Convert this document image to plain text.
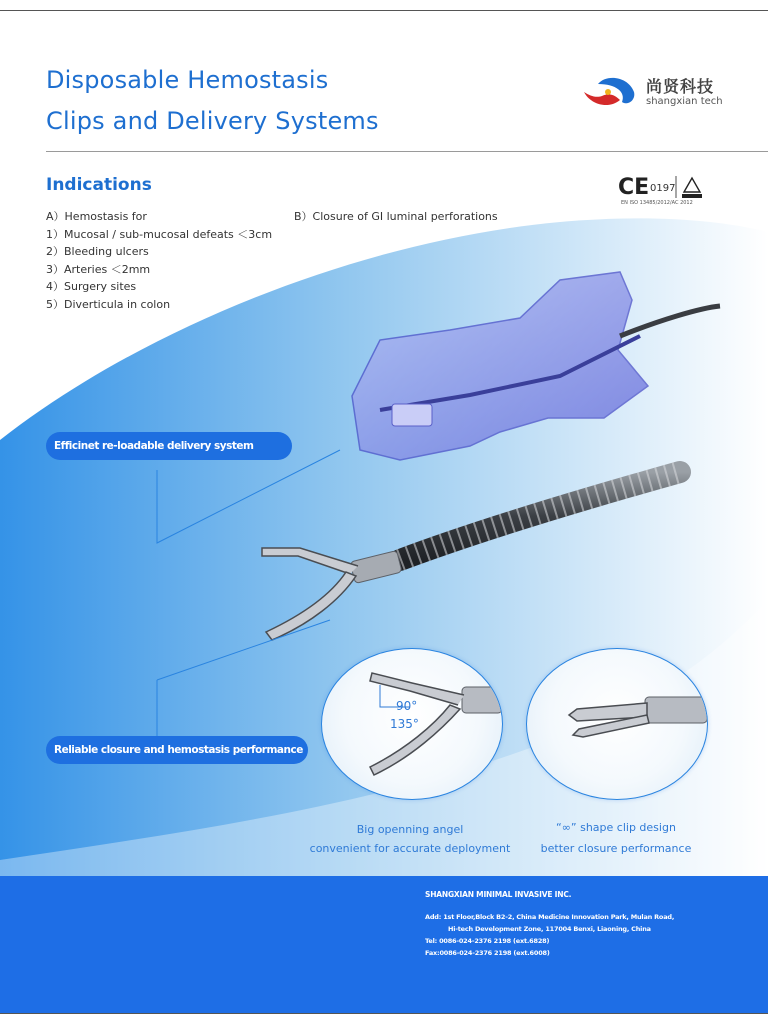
Disposable Hemostasis
Clips and Delivery Systems
尚贤科技
shangxian tech
CE 0197
EN ISO 13485/2012/AC 2012
Indications
A）Hemostasis for	B）Closure of GI luminal perforations
1）Mucosal / sub-mucosal defeats ＜3cm
2）Bleeding ulcers
3）Arteries ＜2mm
4）Surgery sites
5）Diverticula in colon
Efficinet re-loadable delivery system
Reliable closure and hemostasis performance
90°
135°
Big openning angel
convenient for accurate deployment
“∞” shape clip design
better closure performance
SHANGXIAN MINIMAL INVASIVE INC.
Add: 1st Floor,Block B2-2, China Medicine Innovation Park, Mulan Road,
Hi-tech Development Zone, 117004 Benxi, Liaoning, China
Tel: 0086-024-2376 2198 (ext.6828)
Fax:0086-024-2376 2198 (ext.6008)
